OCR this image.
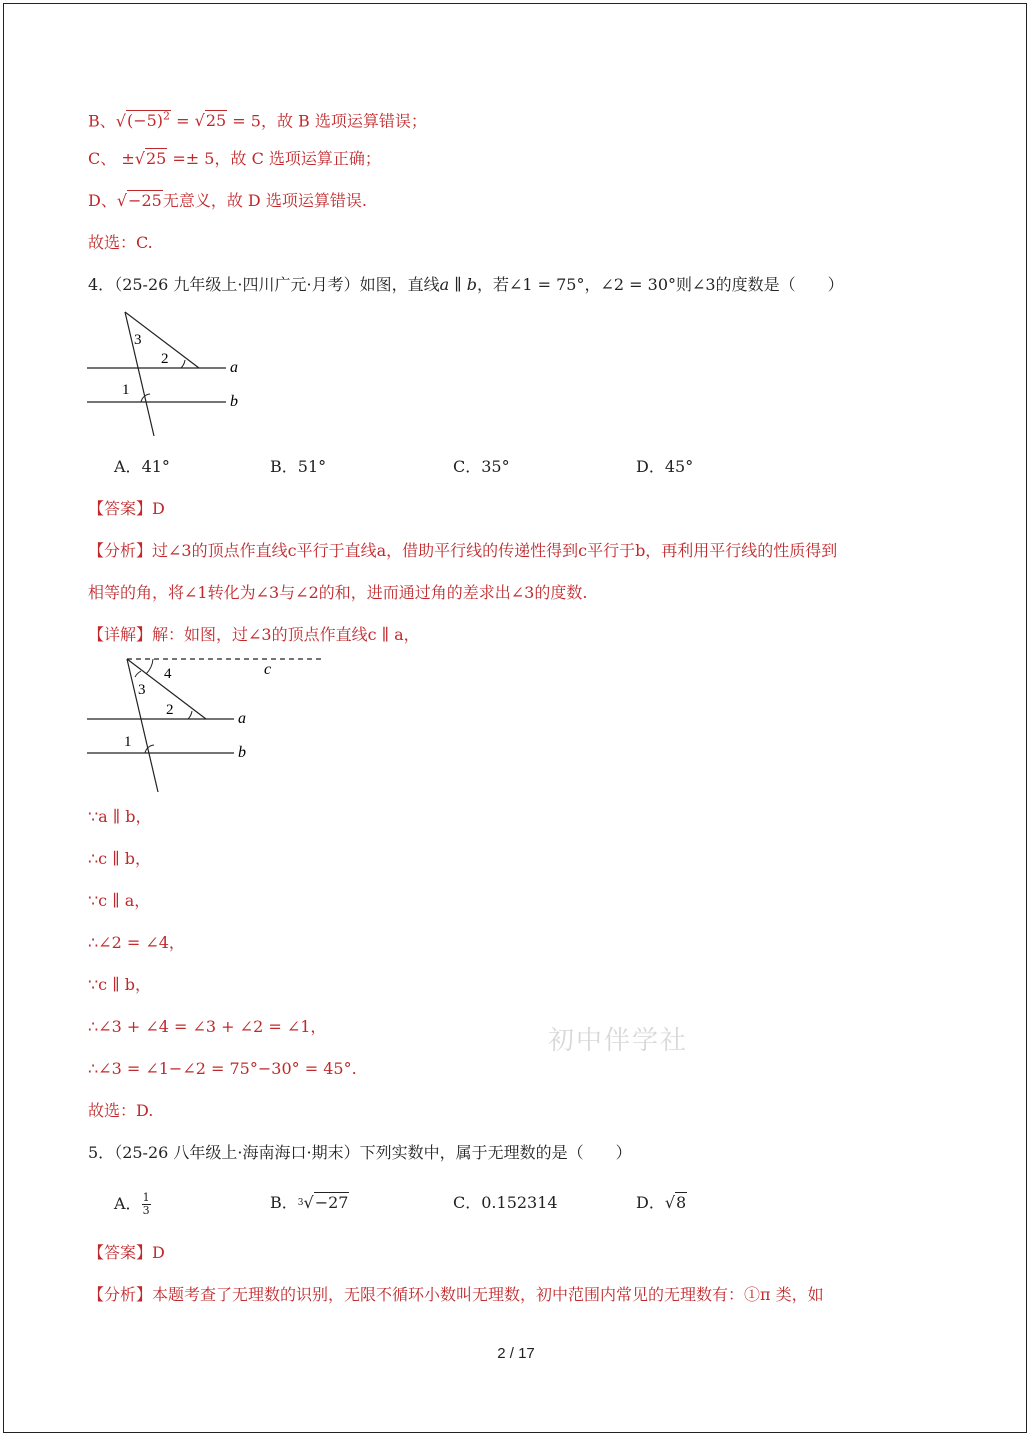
B、$√(-5)^2 = √25 = 5$，故 B 选项运算错误；
C、 ±√25 =± 5，故 C 选项运算正确；
D、√−25无意义，故 D 选项运算错误.
故选：C.
4．（25-26 九年级上·四川广元·月考）如图，直线a ∥ b，若∠1 = 75°，∠2 = 30°则∠3的度数是（　　）
3
2
1
a
b
A．41°	B．51°	C．35°	D．45°
【答案】D
【分析】过∠3的顶点作直线c平行于直线a，借助平行线的传递性得到c平行于b，再利用平行线的性质得到
相等的角，将∠1转化为∠3与∠2的和，进而通过角的差求出∠3的度数.
【详解】解：如图，过∠3的顶点作直线c ∥ a，
4
3
2
1
c
a
b
∵a ∥ b，
∴c ∥ b，
∵c ∥ a，
∴∠2 = ∠4，
∵c ∥ b，
∴∠3 + ∠4 = ∠3 + ∠2 = ∠1，
∴∠3 = ∠1−∠2 = 75°−30° = 45°.
故选：D.
初中伴学社
5．（25-26 八年级上·海南海口·期末）下列实数中，属于无理数的是（　　）
A． $\frac{1}{3}$	B．$^3$√−27	C．0.152314	D．√8
【答案】D
【分析】本题考查了无理数的识别，无限不循环小数叫无理数，初中范围内常见的无理数有：①π 类，如
2 / 17
